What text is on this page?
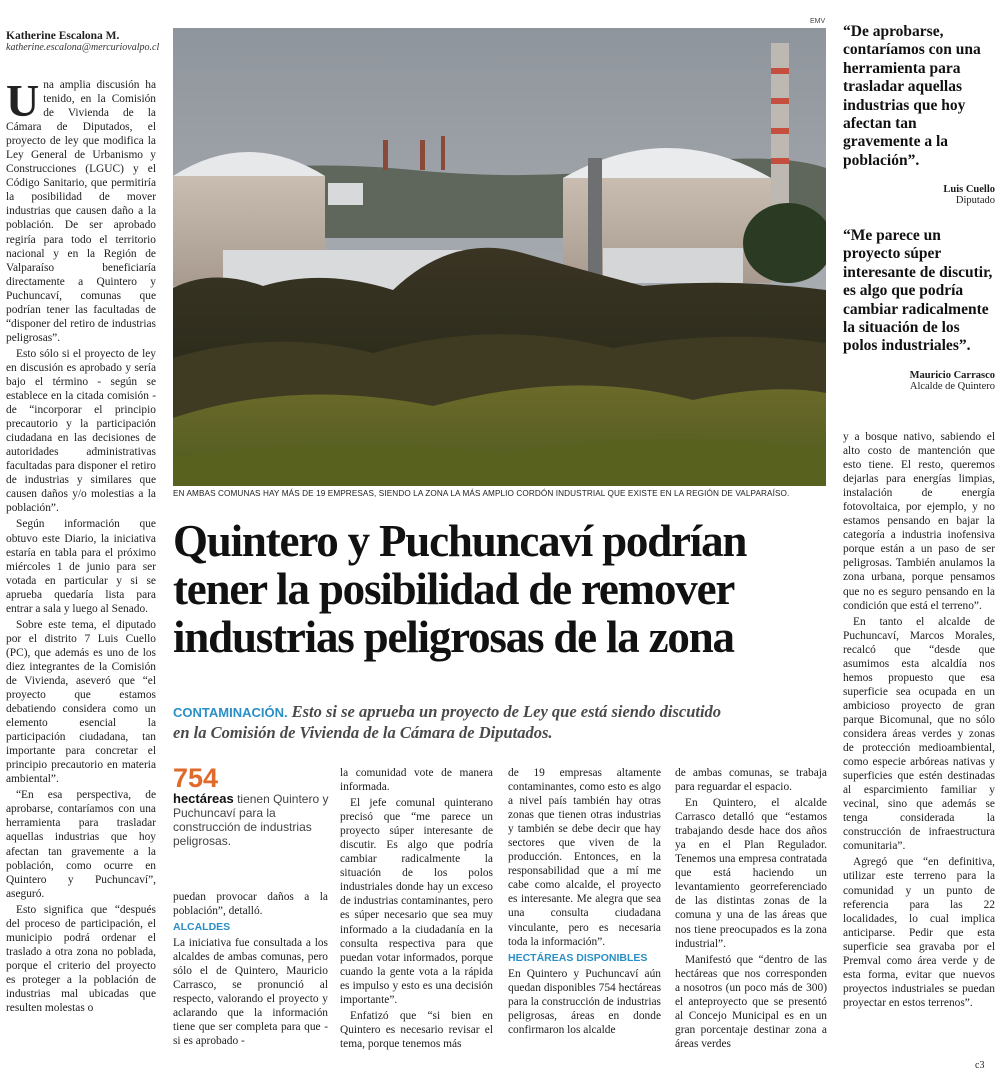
Katherine Escalona M.
katherine.escalona@mercuriovalpo.cl

Una amplia discusión ha tenido, en la Comisión de Vivienda de la Cámara de Diputados, el proyecto de ley que modifica la Ley General de Urbanismo y Construcciones (LGUC) y el Código Sanitario, que permitiría la posibilidad de mover industrias que causen daño a la población. De ser aprobado regiría para todo el territorio nacional y en la Región de Valparaíso beneficiaría directamente a Quintero y Puchuncaví, comunas que podrían tener las facultadas de “disponer del retiro de industrias peligrosas”.

Esto sólo si el proyecto de ley en discusión es aprobado y sería bajo el término - según se establece en la citada comisión - de “incorporar el principio precautorio y la participación ciudadana en las decisiones de autoridades administrativas facultadas para disponer el retiro de industrias y similares que causen daños y/o molestias a la población”.

Según información que obtuvo este Diario, la iniciativa estaría en tabla para el próximo miércoles 1 de junio para ser votada en particular y si se aprueba quedaría lista para entrar a sala y luego al Senado.

Sobre este tema, el diputado por el distrito 7 Luis Cuello (PC), que además es uno de los diez integrantes de la Comisión de Vivienda, aseveró que “el proyecto que estamos debatiendo considera como un elemento esencial la participación ciudadana, tan importante para concretar el principio precautorio en materia ambiental”.

“En esa perspectiva, de aprobarse, contaríamos con una herramienta para trasladar aquellas industrias que hoy afectan tan gravemente a la población, como ocurre en Quintero y Puchuncaví”, aseguró.

Esto significa que “después del proceso de participación, el municipio podrá ordenar el traslado a otra zona no poblada, porque el criterio del proyecto es proteger a la población de industrias mal ubicadas que resulten molestas o

EMV
EN AMBAS COMUNAS HAY MÁS DE 19 EMPRESAS, SIENDO LA ZONA LA MÁS AMPLIO CORDÓN INDUSTRIAL QUE EXISTE EN LA REGIÓN DE VALPARAÍSO.
Quintero y Puchuncaví podrían
tener la posibilidad de remover
industrias peligrosas de la zona
CONTAMINACIÓN. Esto si se aprueba un proyecto de Ley que está siendo discutido
en la Comisión de Vivienda de la Cámara de Diputados.
754
hectáreas tienen Quintero y Puchuncaví para la construcción de industrias peligrosas.

puedan provocar daños a la población”, detalló.

ALCALDES

La iniciativa fue consultada a los alcaldes de ambas comunas, pero sólo el de Quintero, Mauricio Carrasco, se pronunció al respecto, valorando el proyecto y aclarando que la información tiene que ser completa para que - si es aprobado -

la comunidad vote de manera informada.

El jefe comunal quinterano precisó que “me parece un proyecto súper interesante de discutir. Es algo que podría cambiar radicalmente la situación de los polos industriales donde hay un exceso de industrias contaminantes, pero es súper necesario que sea muy informado a la ciudadanía en la consulta respectiva para que puedan votar informados, porque cuando la gente vota a la rápida es impulso y esto es una decisión importante”.

Enfatizó que “si bien en Quintero es necesario revisar el tema, porque tenemos más

de 19 empresas altamente contaminantes, como esto es algo a nivel país también hay otras zonas que tienen otras industrias y también se debe decir que hay sectores que viven de la producción. Entonces, en la responsabilidad que a mí me cabe como alcalde, el proyecto es interesante. Me alegra que sea una consulta ciudadana vinculante, pero es necesaria toda la información”.

HECTÁREAS DISPONIBLES

En Quintero y Puchuncaví aún quedan disponibles 754 hectáreas para la construcción de industrias peligrosas, áreas en donde confirmaron los alcalde

de ambas comunas, se trabaja para reguardar el espacio.

En Quintero, el alcalde Carrasco detalló que “estamos trabajando desde hace dos años ya en el Plan Regulador. Tenemos una empresa contratada que está haciendo un levantamiento georreferenciado de las distintas zonas de la comuna y una de las áreas que nos tiene preocupados es la zona industrial”.

Manifestó que “dentro de las hectáreas que nos corresponden a nosotros (un poco más de 300) el anteproyecto que se presentó al Concejo Municipal es en un gran porcentaje destinar zona a áreas verdes

“De aprobarse, contaríamos con una herramienta para trasladar aquellas industrias que hoy afectan tan gravemente a la población”.
Luis Cuello
Diputado
“Me parece un proyecto súper interesante de discutir, es algo que podría cambiar radicalmente la situación de los polos industriales”.
Mauricio Carrasco
Alcalde de Quintero

y a bosque nativo, sabiendo el alto costo de mantención que esto tiene. El resto, queremos dejarlas para energías limpias, instalación de energía fotovoltaica, por ejemplo, y no estamos pensando en bajar la categoría a industria inofensiva porque están a un paso de ser peligrosas. También anulamos la zona urbana, porque pensamos que no es seguro pensando en la condición que está el terreno”.

En tanto el alcalde de Puchuncaví, Marcos Morales, recalcó que “desde que asumimos esta alcaldía nos hemos propuesto que esa superficie sea ocupada en un ambicioso proyecto de gran parque Bicomunal, que no sólo considera áreas verdes y zonas de protección medioambiental, como especie arbóreas nativas y superficies que estén destinadas al esparcimiento familiar y vecinal, sino que además se tenga considerada la construcción de infraestructura comunitaria”.

Agregó que “en definitiva, utilizar este terreno para la comunidad y un punto de referencia para las 22 localidades, lo cual implica anticiparse. Pedir que esta superficie sea gravaba por el Premval como área verde y de esta forma, evitar que nuevos proyectos industriales se puedan proyectar en estos terrenos”.

c3
